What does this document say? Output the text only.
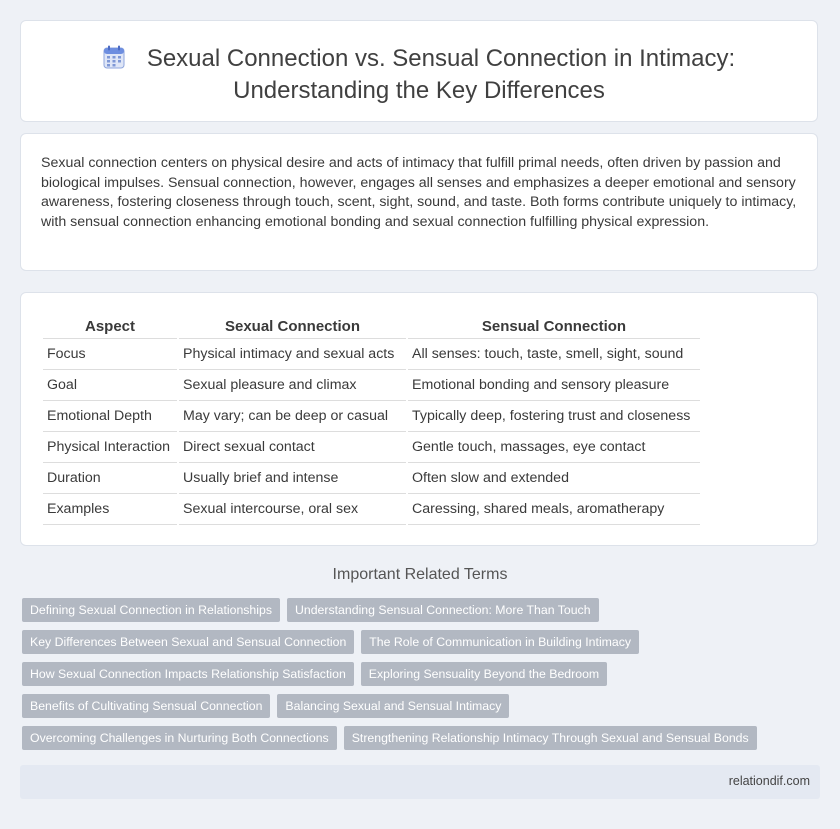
Sexual Connection vs. Sensual Connection in Intimacy:
Understanding the Key Differences

Sexual connection centers on physical desire and acts of intimacy that fulfill primal needs, often driven by passion and biological impulses. Sensual connection, however, engages all senses and emphasizes a deeper emotional and sensory awareness, fostering closeness through touch, scent, sight, sound, and taste. Both forms contribute uniquely to intimacy, with sensual connection enhancing emotional bonding and sexual connection fulfilling physical expression.

Aspect	Sexual Connection	Sensual Connection
Focus	Physical intimacy and sexual acts	All senses: touch, taste, smell, sight, sound
Goal	Sexual pleasure and climax	Emotional bonding and sensory pleasure
Emotional Depth	May vary; can be deep or casual	Typically deep, fostering trust and closeness
Physical Interaction	Direct sexual contact	Gentle touch, massages, eye contact
Duration	Usually brief and intense	Often slow and extended
Examples	Sexual intercourse, oral sex	Caressing, shared meals, aromatherapy
Important Related Terms
Defining Sexual Connection in Relationships	Understanding Sensual Connection: More Than Touch
Key Differences Between Sexual and Sensual Connection	The Role of Communication in Building Intimacy
How Sexual Connection Impacts Relationship Satisfaction	Exploring Sensuality Beyond the Bedroom
Benefits of Cultivating Sensual Connection	Balancing Sexual and Sensual Intimacy
Overcoming Challenges in Nurturing Both Connections	Strengthening Relationship Intimacy Through Sexual and Sensual Bonds
relationdif.com
